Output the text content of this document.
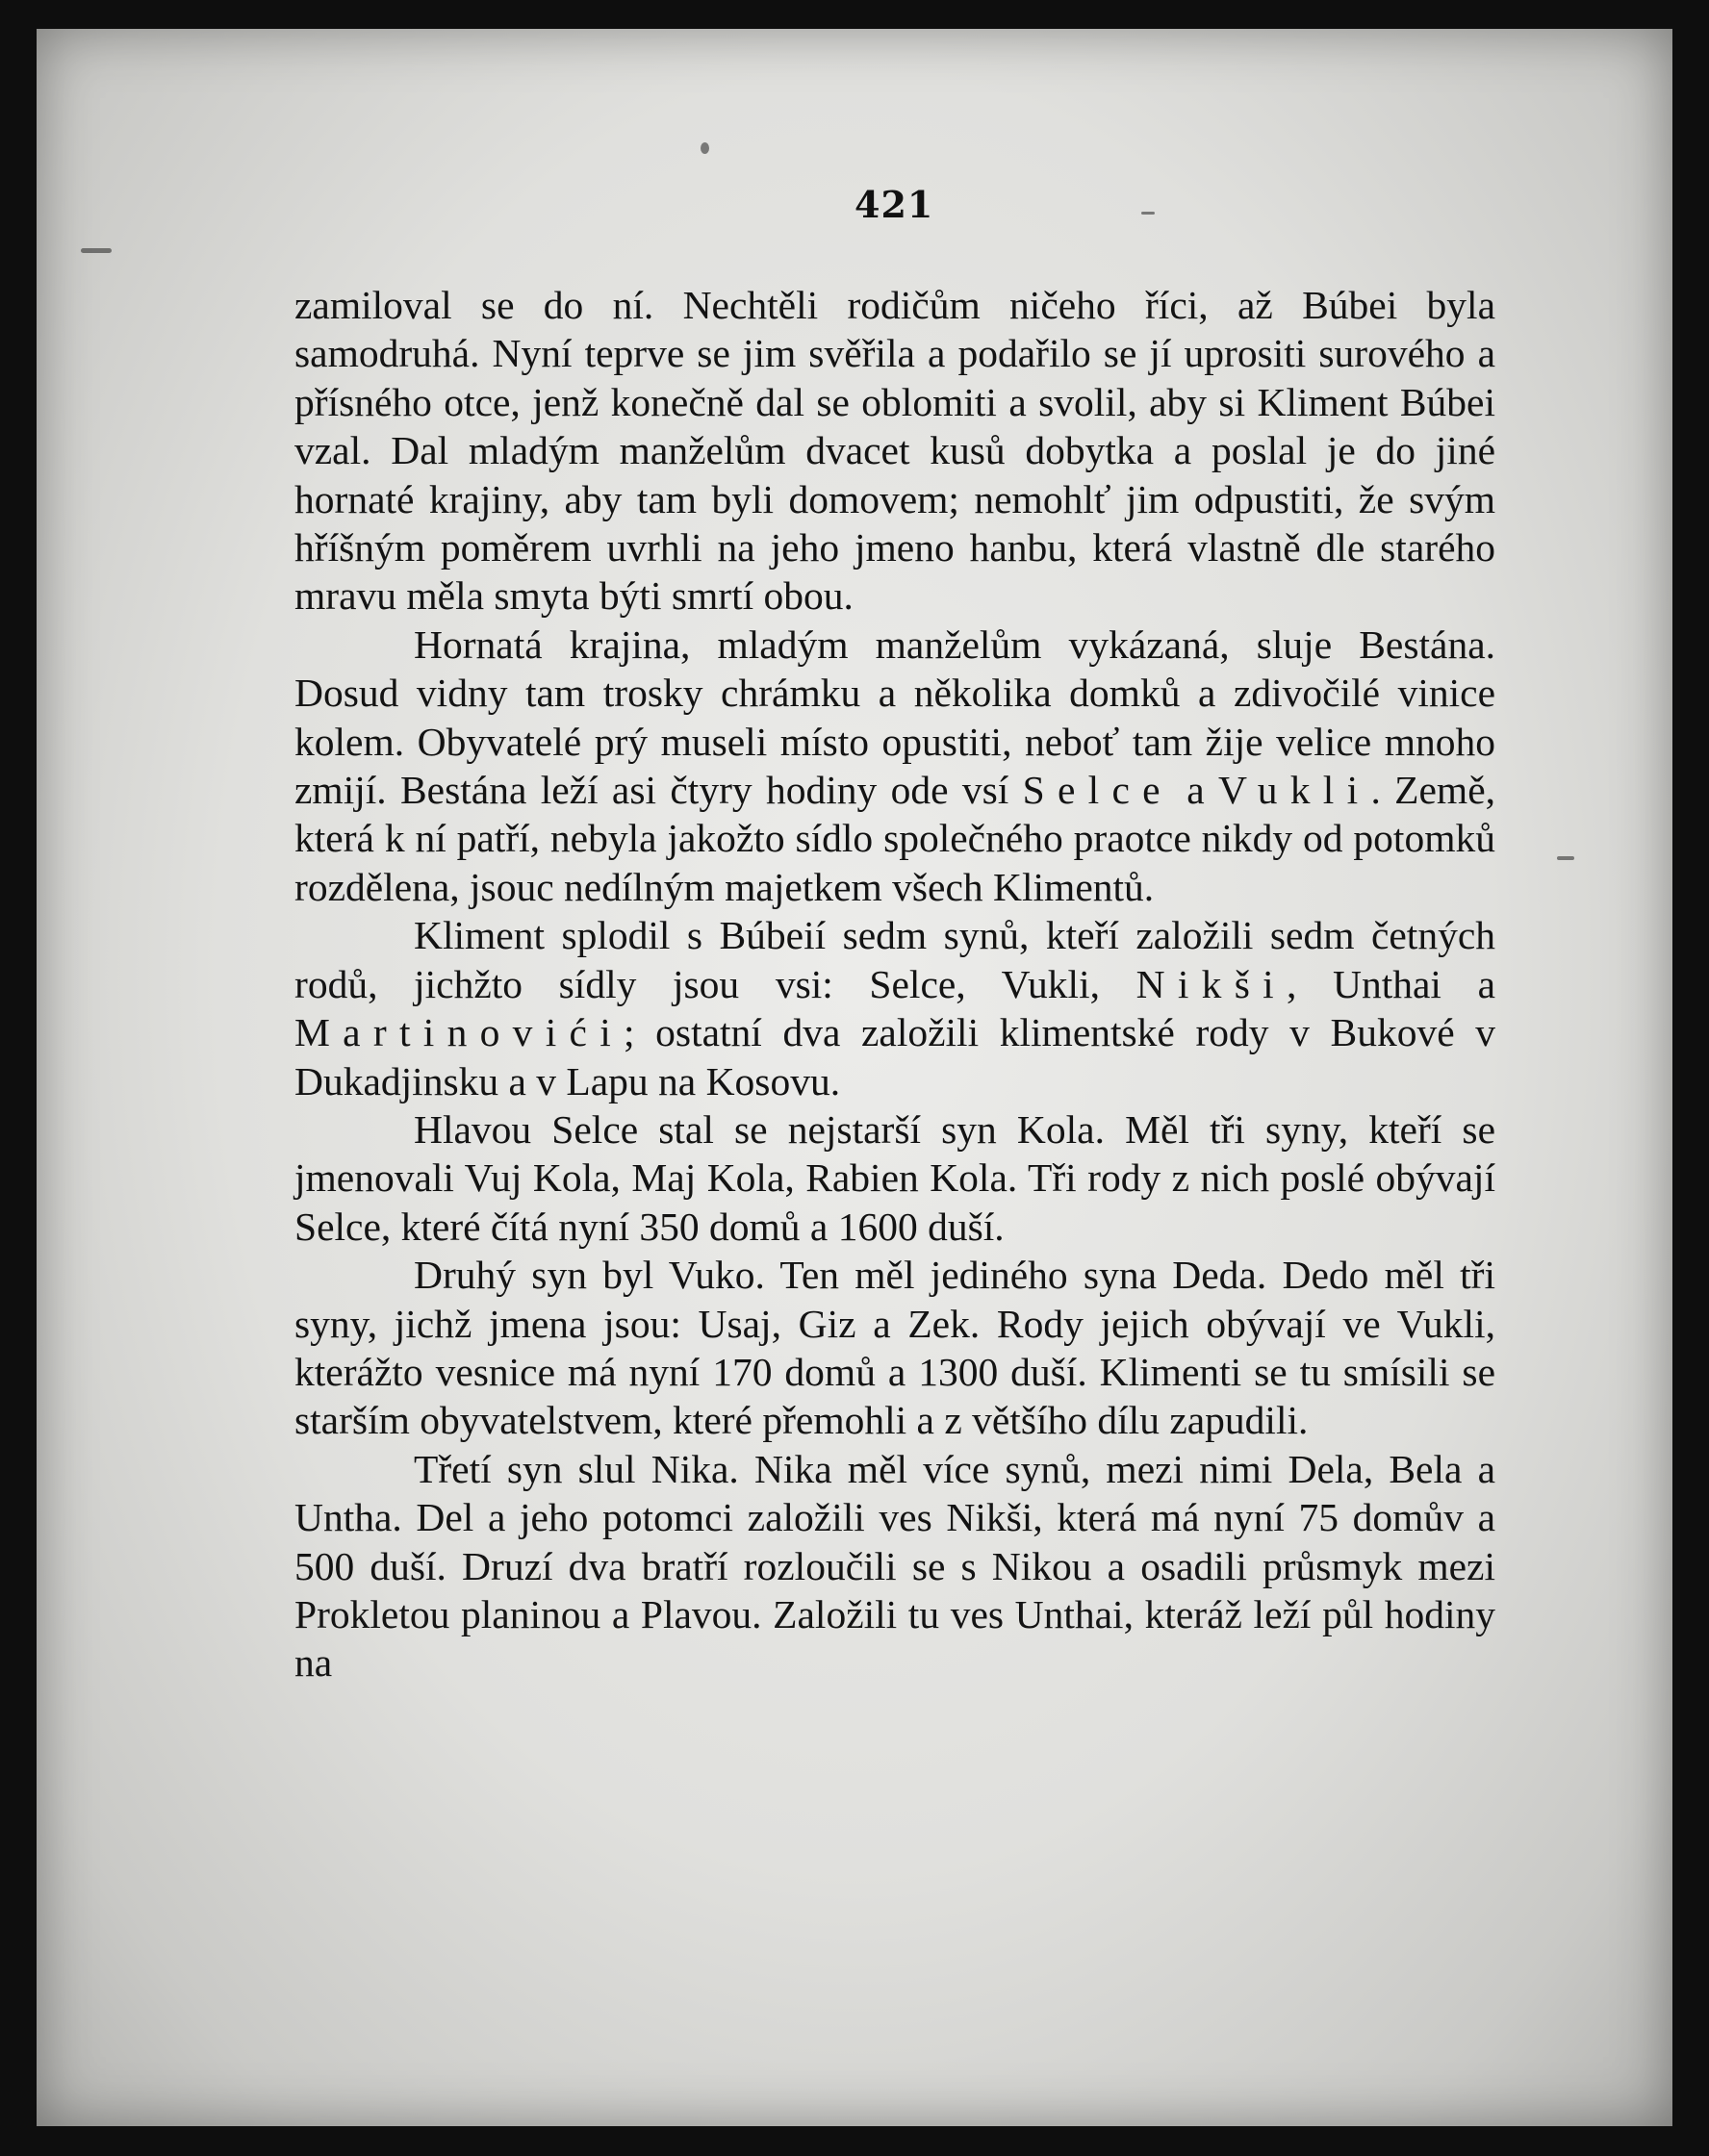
421

zamiloval se do ní. Nechtěli rodičům ničeho říci, až Búbei byla samodruhá. Nyní teprve se jim svěřila a podařilo se jí uprositi surového a přísného otce, jenž konečně dal se oblomiti a svolil, aby si Kliment Búbei vzal. Dal mladým manželům dvacet kusů dobytka a poslal je do jiné hornaté krajiny, aby tam byli domovem; nemohlť jim odpustiti, že svým hříšným poměrem uvrhli na jeho jmeno hanbu, která vlastně dle starého mravu měla smyta býti smrtí obou.

Hornatá krajina, mladým manželům vykázaná, sluje Bestána. Dosud vidny tam trosky chrámku a několika domků a zdivočilé vinice kolem. Obyvatelé prý museli místo opustiti, neboť tam žije velice mnoho zmijí. Bestána leží asi čtyry hodiny ode vsí Selce a Vukli. Země, která k ní patří, nebyla jakožto sídlo společného praotce nikdy od potomků rozdělena, jsouc nedílným majetkem všech Klimentů.

Kliment splodil s Búbeií sedm synů, kteří založili sedm četných rodů, jichžto sídly jsou vsi: Selce, Vukli, Nikši, Unthai a Martinovići; ostatní dva založili klimentské rody v Bukové v Dukadjinsku a v Lapu na Kosovu.

Hlavou Selce stal se nejstarší syn Kola. Měl tři syny, kteří se jmenovali Vuj Kola, Maj Kola, Rabien Kola. Tři rody z nich poslé obývají Selce, které čítá nyní 350 domů a 1600 duší.

Druhý syn byl Vuko. Ten měl jediného syna Deda. Dedo měl tři syny, jichž jmena jsou: Usaj, Giz a Zek. Rody jejich obývají ve Vukli, kterážto vesnice má nyní 170 domů a 1300 duší. Klimenti se tu smísili se starším obyvatelstvem, které přemohli a z většího dílu zapudili.

Třetí syn slul Nika. Nika měl více synů, mezi nimi Dela, Bela a Untha. Del a jeho potomci založili ves Nikši, která má nyní 75 domův a 500 duší. Druzí dva bratří rozloučili se s Nikou a osadili průsmyk mezi Prokletou planinou a Plavou. Založili tu ves Unthai, kteráž leží půl hodiny na
